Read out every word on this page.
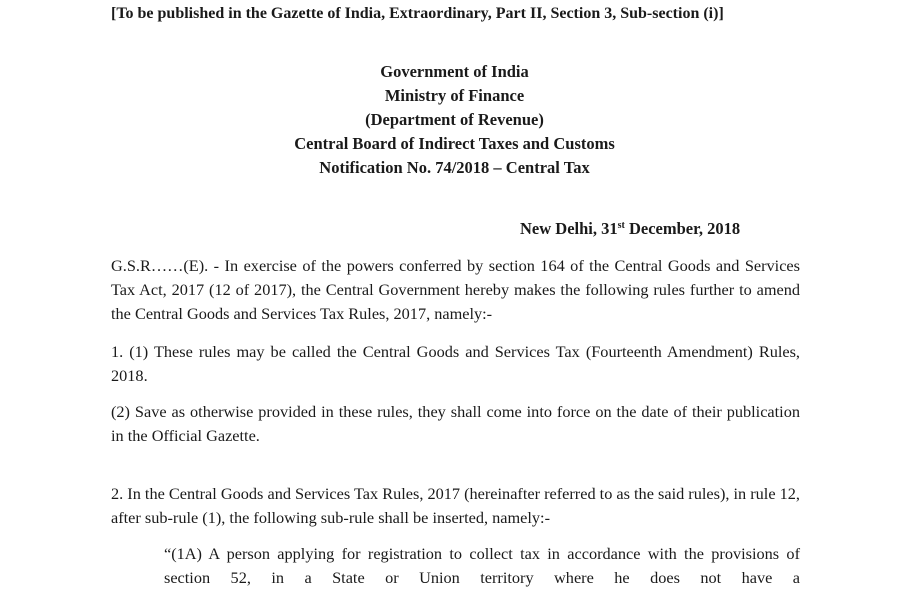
[To be published in the Gazette of India, Extraordinary, Part II, Section 3, Sub-section (i)]
Government of India
Ministry of Finance
(Department of Revenue)
Central Board of Indirect Taxes and Customs
Notification No. 74/2018 – Central Tax
New Delhi, 31st December, 2018
G.S.R……(E). - In exercise of the powers conferred by section 164 of the Central Goods and Services Tax Act, 2017 (12 of 2017), the Central Government hereby makes the following rules further to amend the Central Goods and Services Tax Rules, 2017, namely:-
1. (1) These rules may be called the Central Goods and Services Tax (Fourteenth Amendment) Rules, 2018.
(2) Save as otherwise provided in these rules, they shall come into force on the date of their publication in the Official Gazette.
2. In the Central Goods and Services Tax Rules, 2017 (hereinafter referred to as the said rules), in rule 12, after sub-rule (1), the following sub-rule shall be inserted, namely:-
“(1A) A person applying for registration to collect tax in accordance with the provisions of section 52, in a State or Union territory where he does not have a
